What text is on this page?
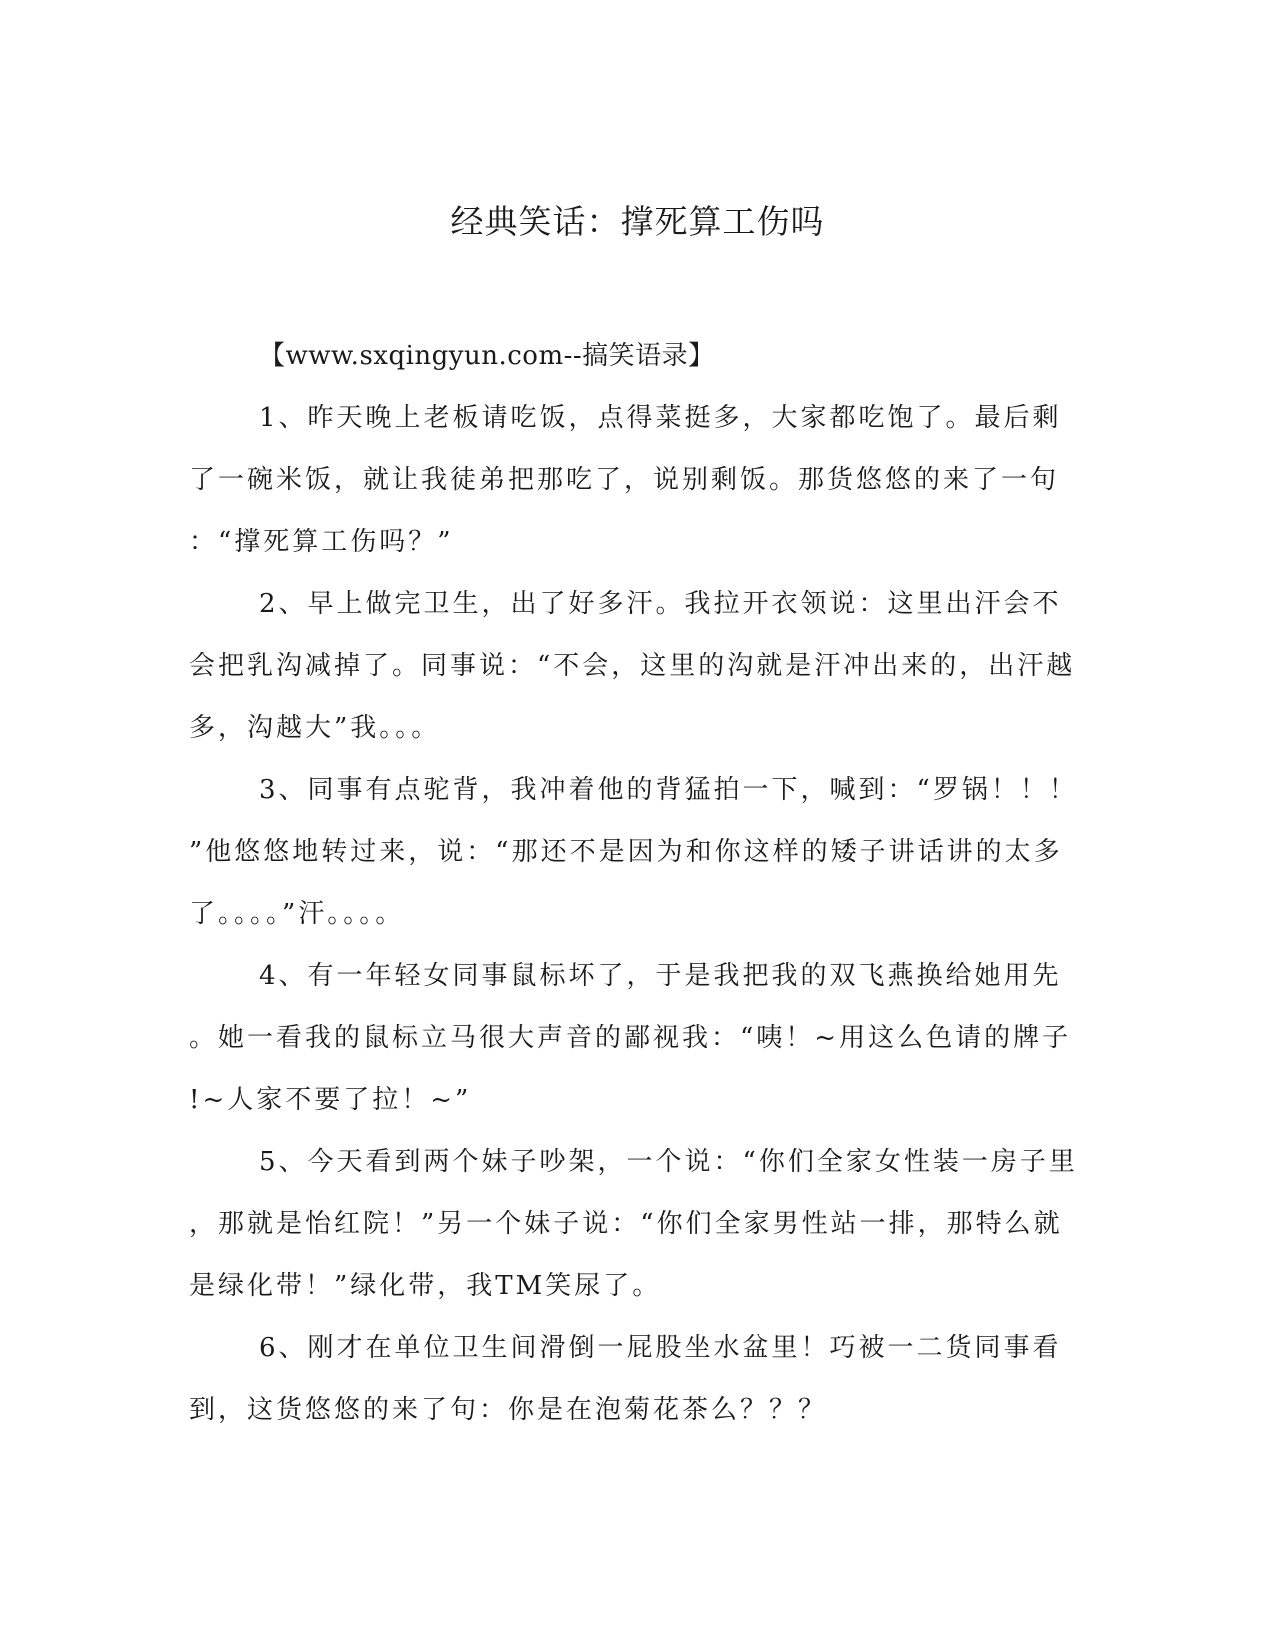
经典笑话：撑死算工伤吗
【www.sxqingyun.com--搞笑语录】
1、昨天晚上老板请吃饭，点得菜挺多，大家都吃饱了。最后剩
了一碗米饭，就让我徒弟把那吃了，说别剩饭。那货悠悠的来了一句
：“撑死算工伤吗？”
2、早上做完卫生，出了好多汗。我拉开衣领说：这里出汗会不
会把乳沟减掉了。同事说：“不会，这里的沟就是汗冲出来的，出汗越
多，沟越大”我。。。
3、同事有点驼背，我冲着他的背猛拍一下，喊到：“罗锅！！！
”他悠悠地转过来，说：“那还不是因为和你这样的矮子讲话讲的太多
了。。。。”汗。。。。
4、有一年轻女同事鼠标坏了，于是我把我的双飞燕换给她用先
。她一看我的鼠标立马很大声音的鄙视我：“咦！~用这么色请的牌子
!~人家不要了拉！~”
5、今天看到两个妹子吵架，一个说：“你们全家女性装一房子里
，那就是怡红院！”另一个妹子说：“你们全家男性站一排，那特么就
是绿化带！”绿化带，我TM笑尿了。
6、刚才在单位卫生间滑倒一屁股坐水盆里！巧被一二货同事看
到，这货悠悠的来了句：你是在泡菊花茶么？？？
